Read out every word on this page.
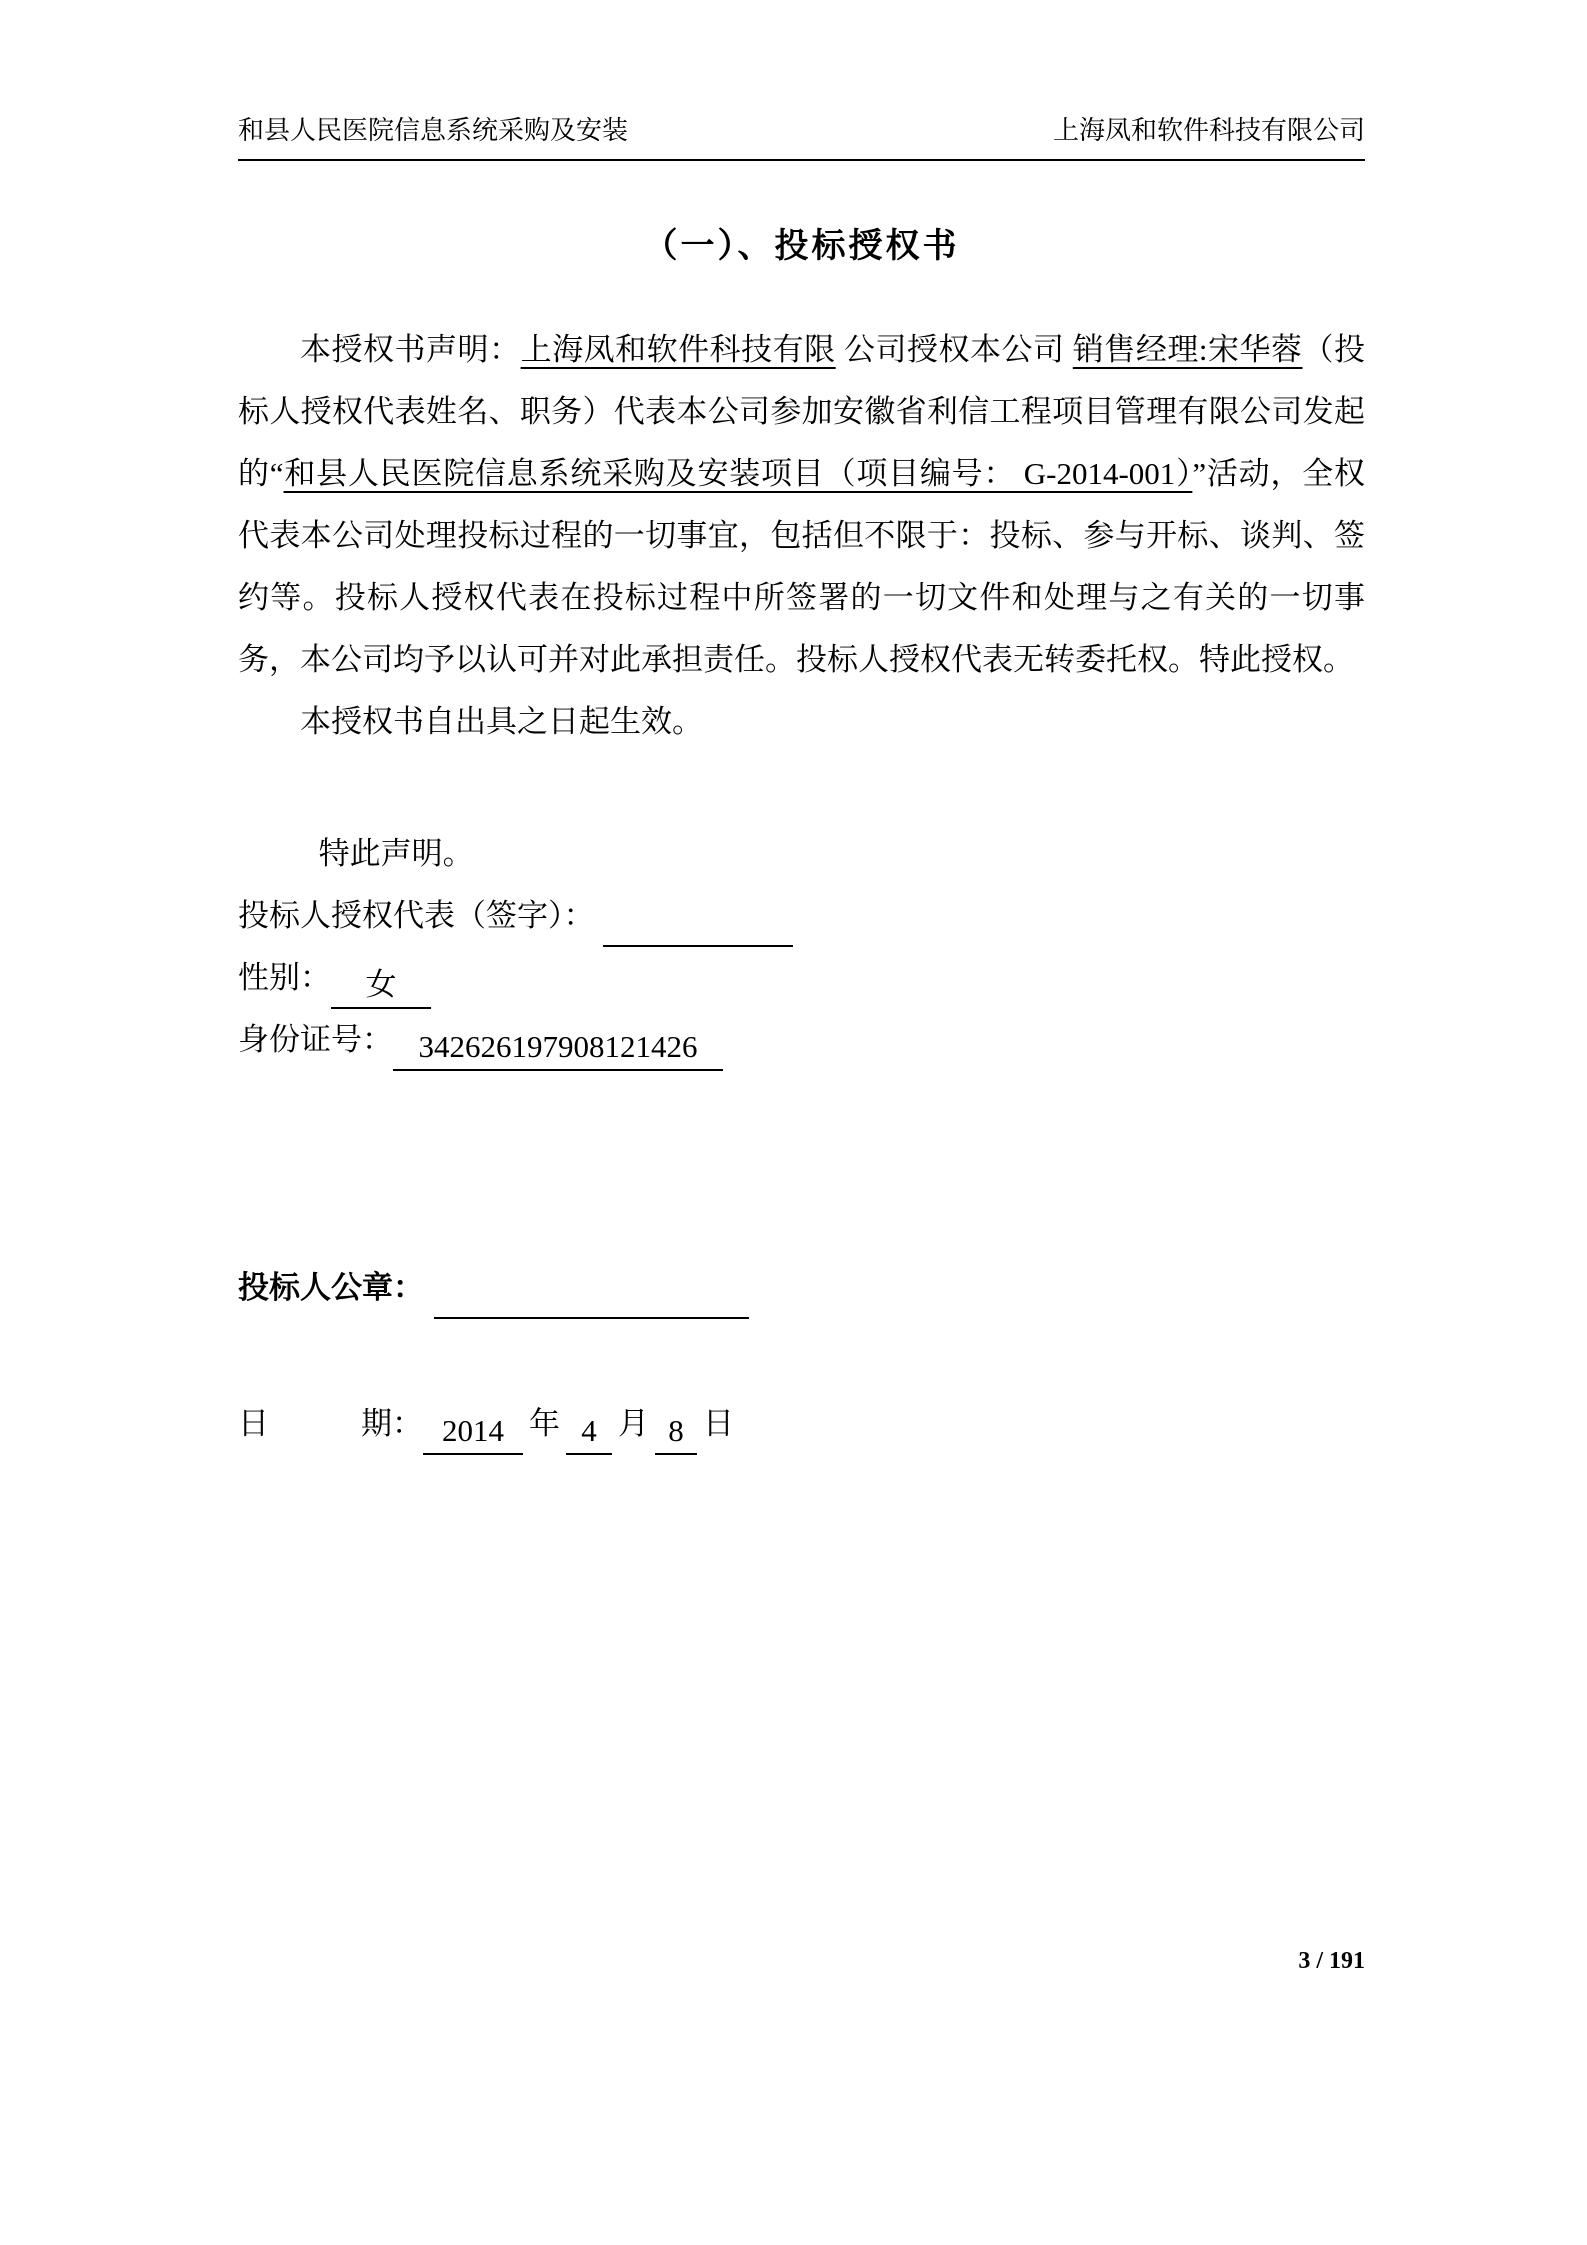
和县人民医院信息系统采购及安装	上海凤和软件科技有限公司
（一）、投标授权书

本授权书声明：上海凤和软件科技有限 公司授权本公司 销售经理:宋华蓉（投标人授权代表姓名、职务）代表本公司参加安徽省利信工程项目管理有限公司发起的“和县人民医院信息系统采购及安装项目（项目编号： G-2014-001）”活动，全权代表本公司处理投标过程的一切事宜，包括但不限于：投标、参与开标、谈判、签约等。投标人授权代表在投标过程中所签署的一切文件和处理与之有关的一切事务，本公司均予以认可并对此承担责任。投标人授权代表无转委托权。特此授权。

本授权书自出具之日起生效。

特此声明。

投标人授权代表（签字）：

性别： 女

身份证号： 342626197908121426

投标人公章：

日	期： 2014 年 4 月 8 日

3 / 191
